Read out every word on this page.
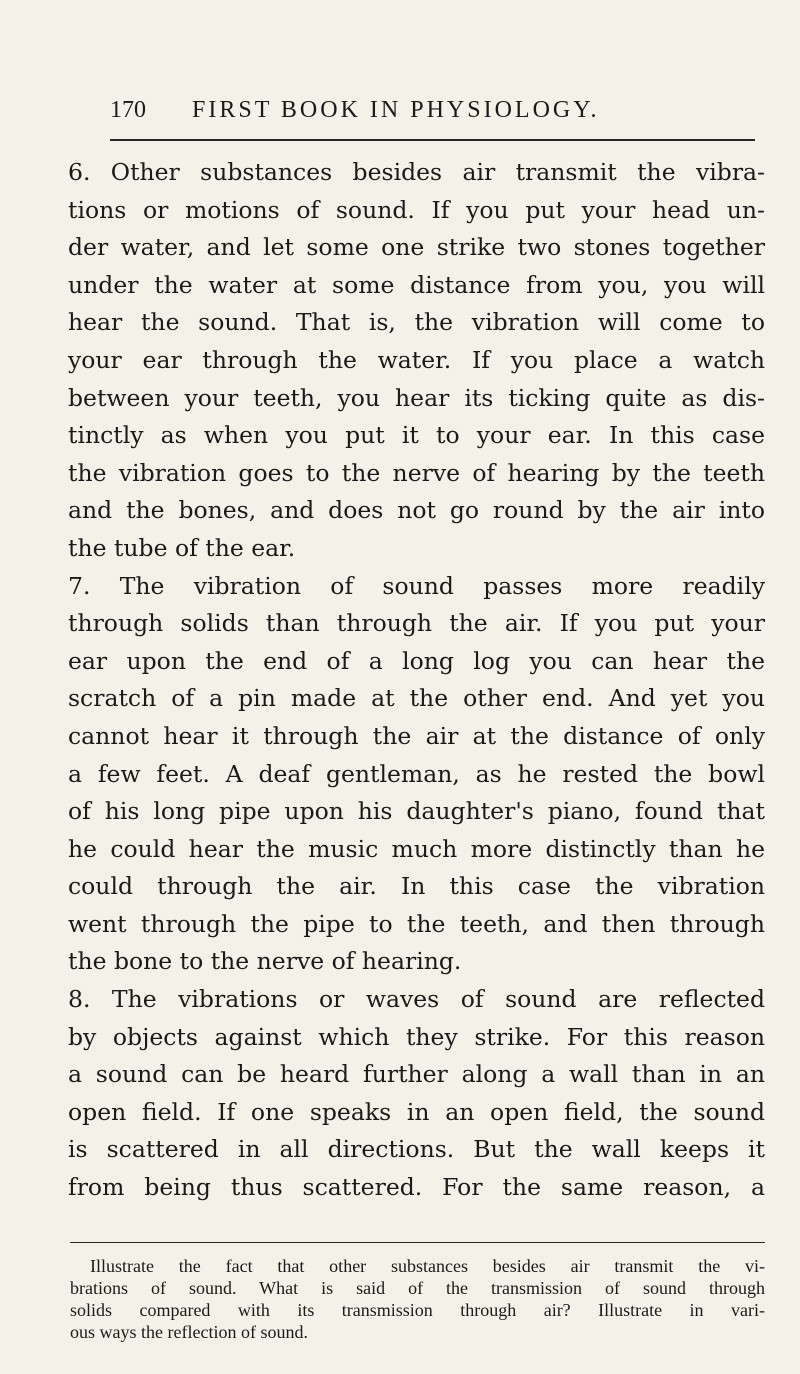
170 FIRST BOOK IN PHYSIOLOGY.
6. Other substances besides air transmit the vibra-
tions or motions of sound. If you put your head un-
der water, and let some one strike two stones together
under the water at some distance from you, you will
hear the sound. That is, the vibration will come to
your ear through the water. If you place a watch
between your teeth, you hear its ticking quite as dis-
tinctly as when you put it to your ear. In this case
the vibration goes to the nerve of hearing by the teeth
and the bones, and does not go round by the air into
the tube of the ear.
7. The vibration of sound passes more readily
through solids than through the air. If you put your
ear upon the end of a long log you can hear the
scratch of a pin made at the other end. And yet you
cannot hear it through the air at the distance of only
a few feet. A deaf gentleman, as he rested the bowl
of his long pipe upon his daughter's piano, found that
he could hear the music much more distinctly than he
could through the air. In this case the vibration
went through the pipe to the teeth, and then through
the bone to the nerve of hearing.
8. The vibrations or waves of sound are reflected
by objects against which they strike. For this reason
a sound can be heard further along a wall than in an
open field. If one speaks in an open field, the sound
is scattered in all directions. But the wall keeps it
from being thus scattered. For the same reason, a
Illustrate the fact that other substances besides air transmit the vi-
brations of sound. What is said of the transmission of sound through
solids compared with its transmission through air? Illustrate in vari-
ous ways the reflection of sound.
